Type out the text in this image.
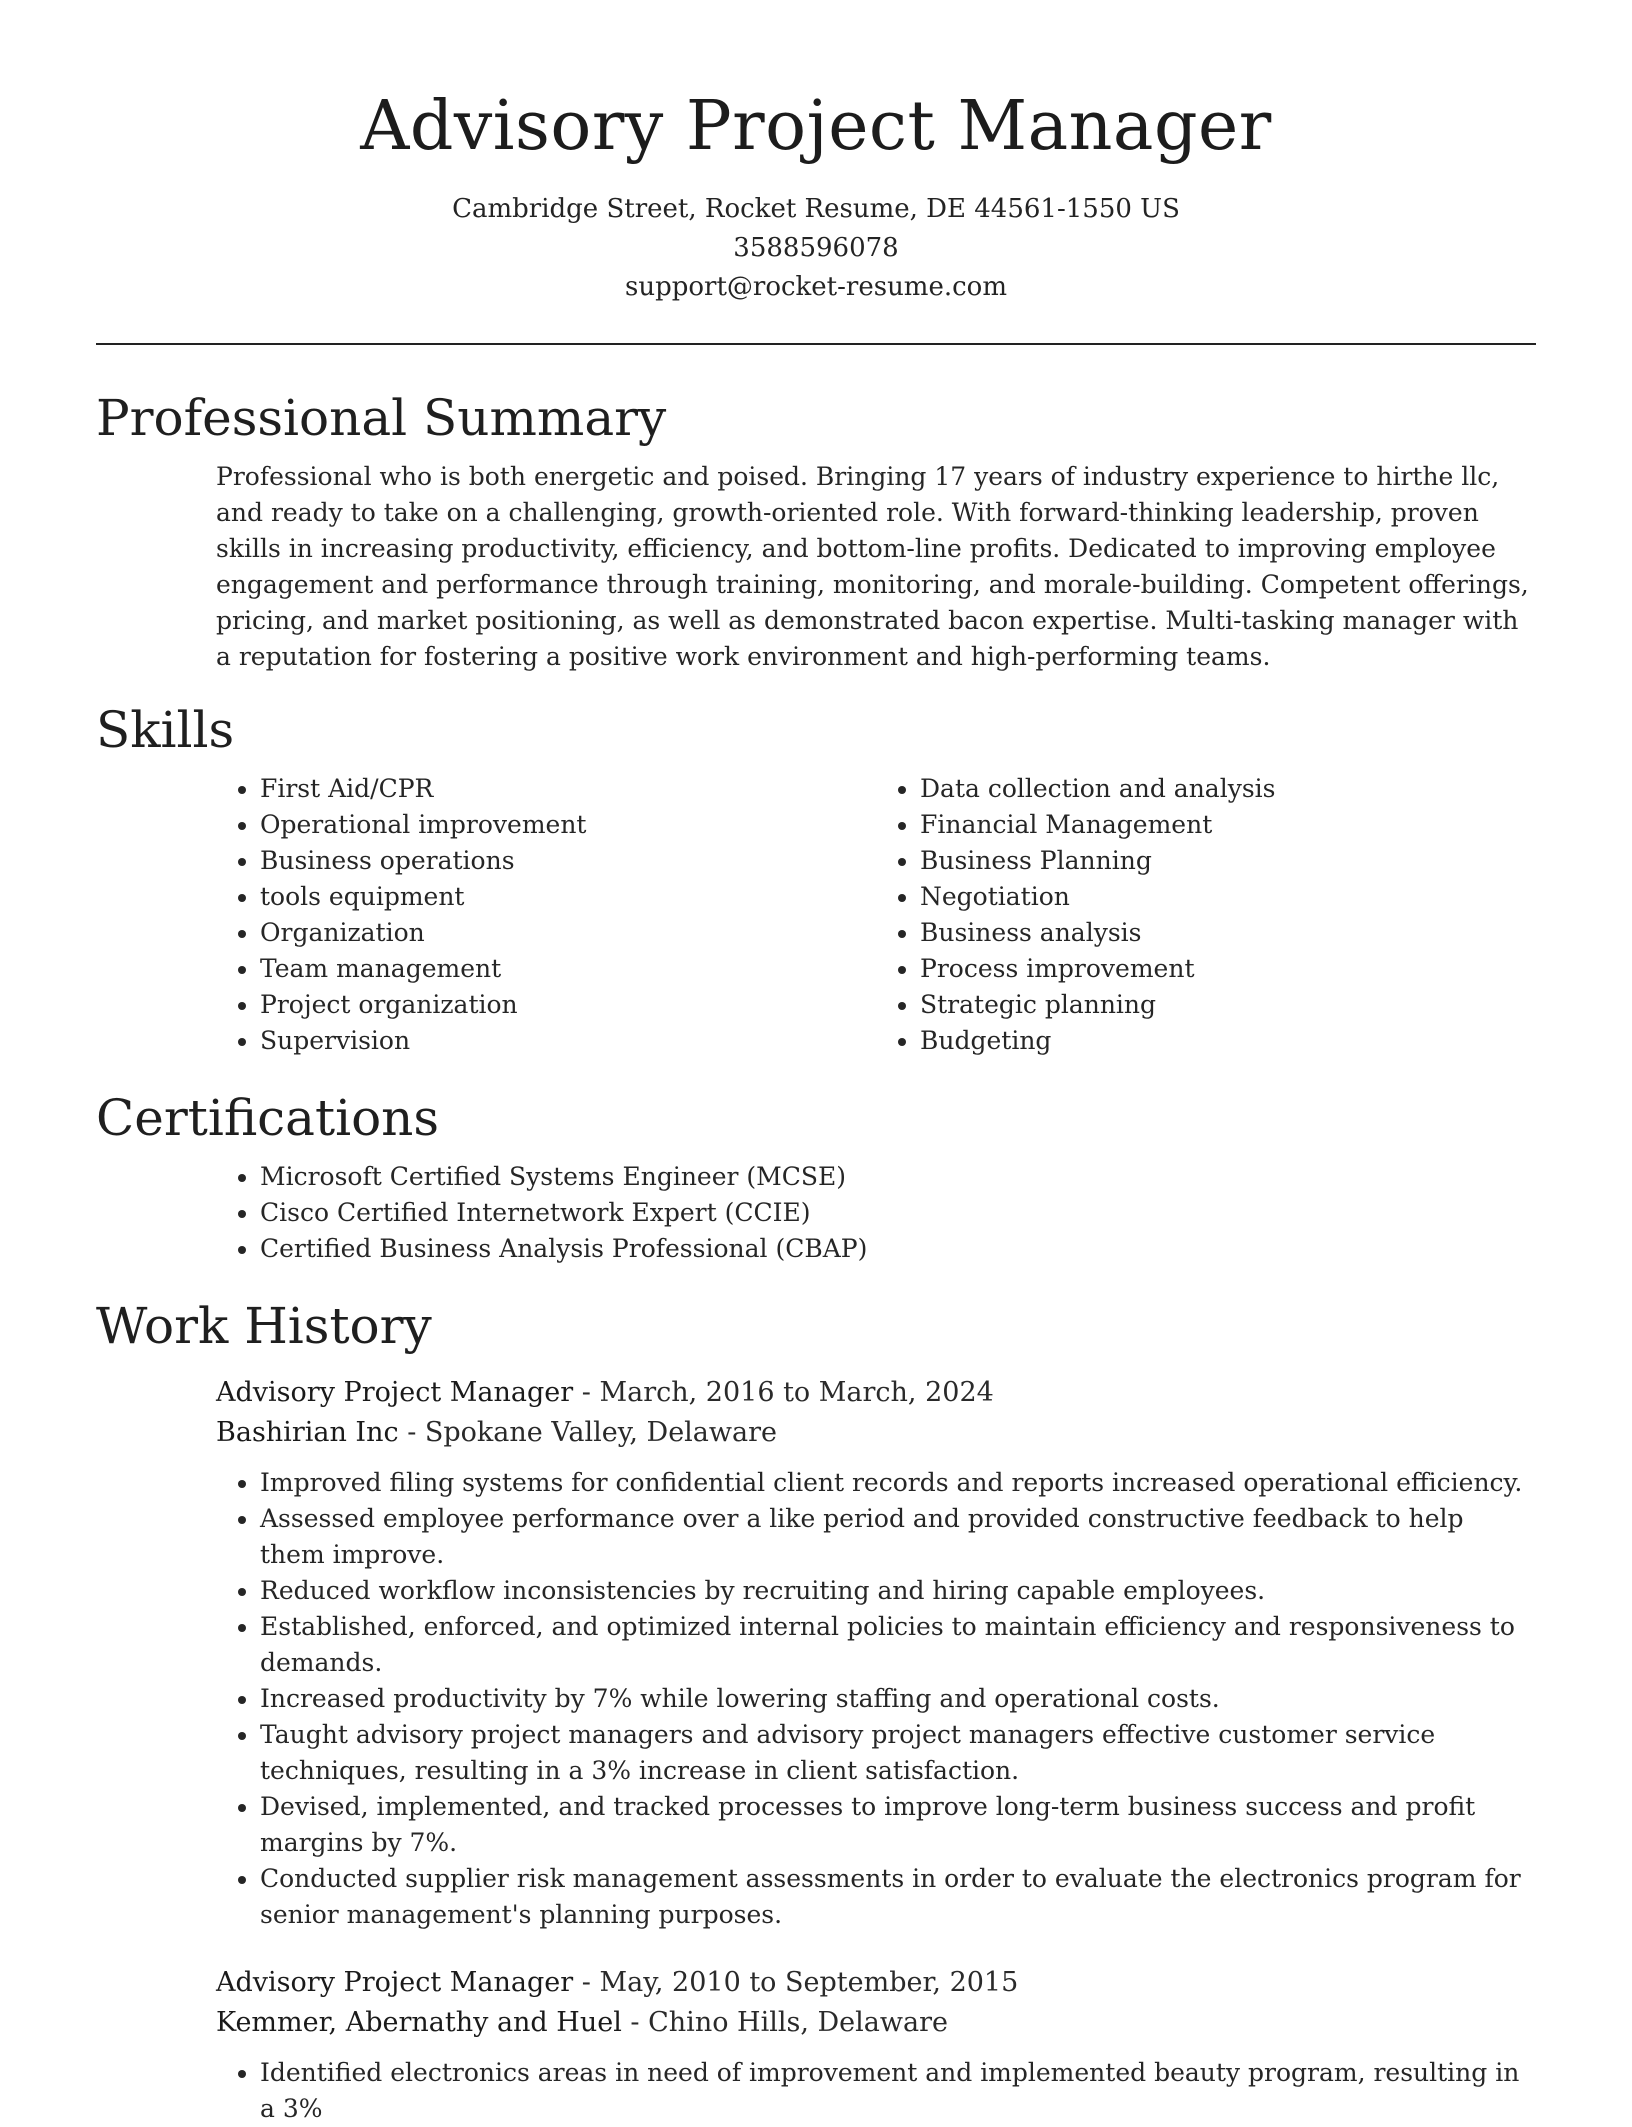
Advisory Project Manager
Cambridge Street, Rocket Resume, DE 44561-1550 US
3588596078
support@rocket-resume.com
Professional Summary

Professional who is both energetic and poised. Bringing 17 years of industry experience to hirthe llc, and ready to take on a challenging, growth-oriented role. With forward-thinking leadership, proven skills in increasing productivity, efficiency, and bottom-line profits. Dedicated to improving employee engagement and performance through training, monitoring, and morale-building. Competent offerings, pricing, and market positioning, as well as demonstrated bacon expertise. Multi-tasking manager with a reputation for fostering a positive work environment and high-performing teams.

Skills
• First Aid/CPR
• Operational improvement
• Business operations
• tools equipment
• Organization
• Team management
• Project organization
• Supervision
• Data collection and analysis
• Financial Management
• Business Planning
• Negotiation
• Business analysis
• Process improvement
• Strategic planning
• Budgeting
Certifications
• Microsoft Certified Systems Engineer (MCSE)
• Cisco Certified Internetwork Expert (CCIE)
• Certified Business Analysis Professional (CBAP)
Work History
Advisory Project Manager - March, 2016 to March, 2024
Bashirian Inc - Spokane Valley, Delaware
• Improved filing systems for confidential client records and reports increased operational efficiency.
• Assessed employee performance over a like period and provided constructive feedback to help them improve.
• Reduced workflow inconsistencies by recruiting and hiring capable employees.
• Established, enforced, and optimized internal policies to maintain efficiency and responsiveness to demands.
• Increased productivity by 7% while lowering staffing and operational costs.
• Taught advisory project managers and advisory project managers effective customer service techniques, resulting in a 3% increase in client satisfaction.
• Devised, implemented, and tracked processes to improve long-term business success and profit margins by 7%.
• Conducted supplier risk management assessments in order to evaluate the electronics program for senior management's planning purposes.
Advisory Project Manager - May, 2010 to September, 2015
Kemmer, Abernathy and Huel - Chino Hills, Delaware
• Identified electronics areas in need of improvement and implemented beauty program, resulting in a 3%
